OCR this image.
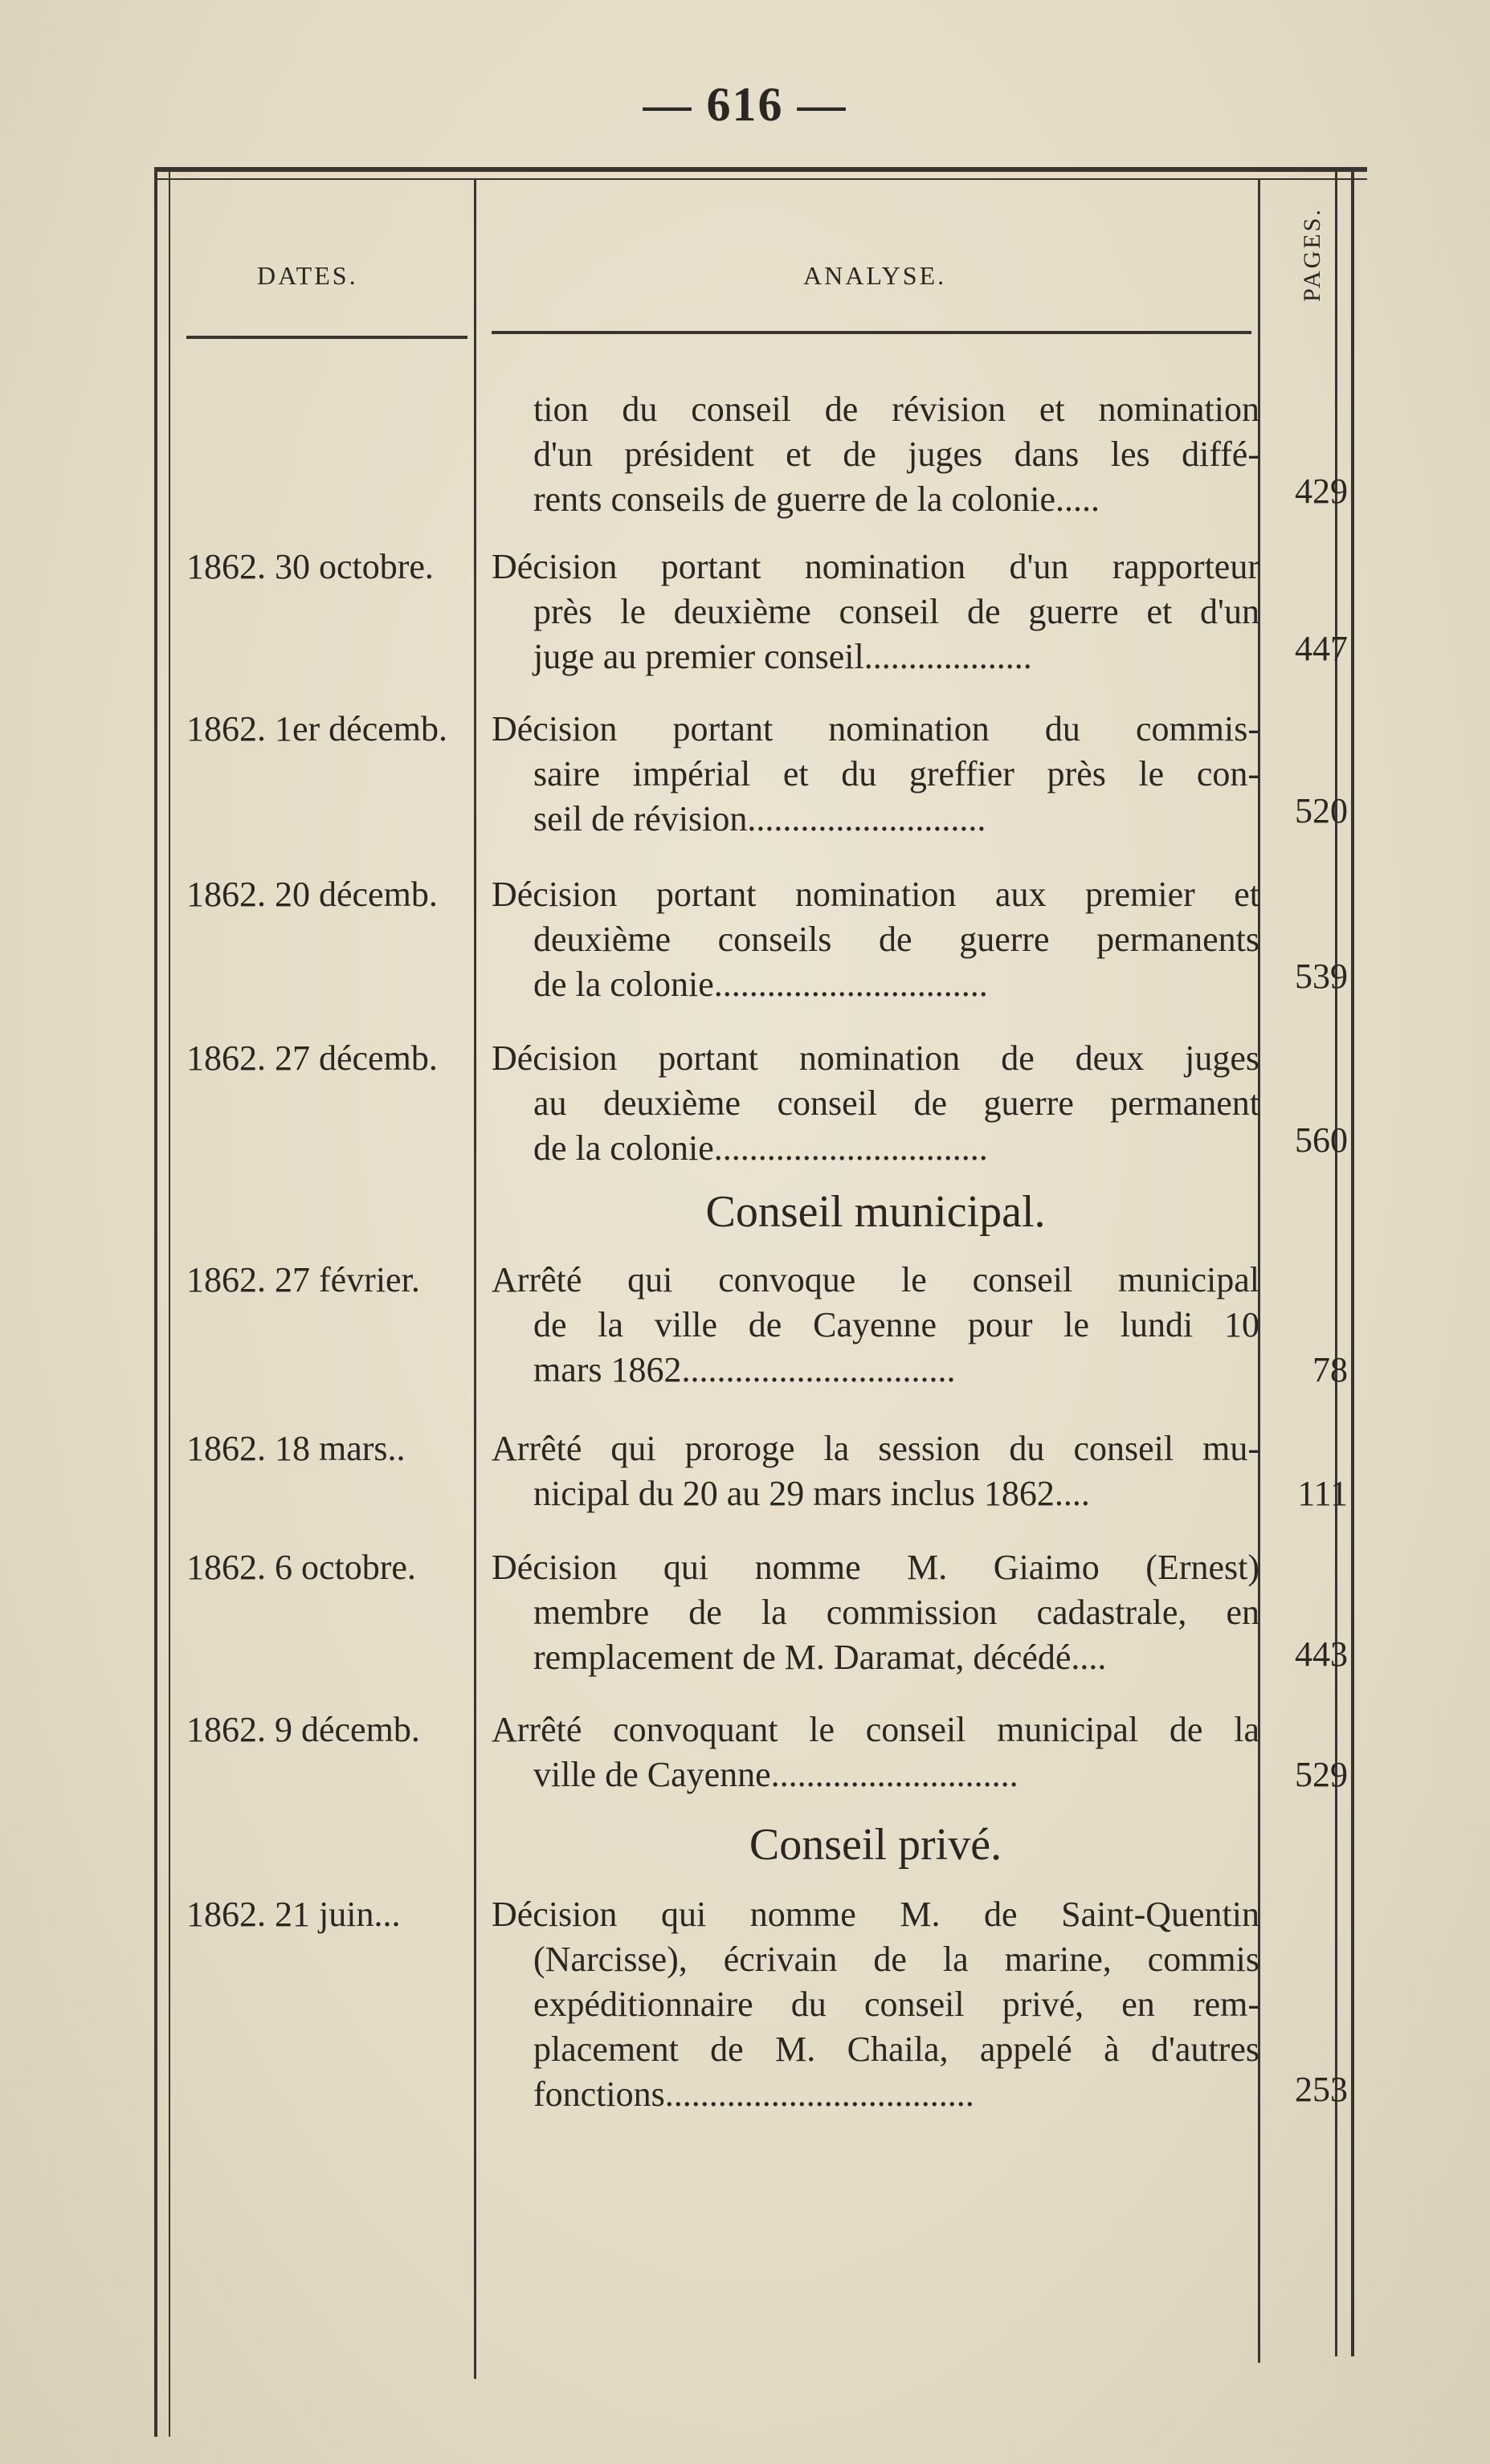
— 616 —
DATES.	ANALYSE.	PAGES.
tion du conseil de révision et nomination
d'un président et de juges dans les diffé-
rents conseils de guerre de la colonie.....	429
1862. 30 octobre.	Décision portant nomination d'un rapporteur
près le deuxième conseil de guerre et d'un
juge au premier conseil...................	447
1862. 1er décemb.	Décision portant nomination du commis-
saire impérial et du greffier près le con-
seil de révision...........................	520
1862. 20 décemb.	Décision portant nomination aux premier et
deuxième conseils de guerre permanents
de la colonie...............................	539
1862. 27 décemb.	Décision portant nomination de deux juges
au deuxième conseil de guerre permanent
de la colonie...............................	560
Conseil municipal.
1862. 27 février.	Arrêté qui convoque le conseil municipal
de la ville de Cayenne pour le lundi 10
mars 1862...............................	78
1862. 18 mars..	Arrêté qui proroge la session du conseil mu-
nicipal du 20 au 29 mars inclus 1862....	111
1862. 6 octobre.	Décision qui nomme M. Giaimo (Ernest)
membre de la commission cadastrale, en
remplacement de M. Daramat, décédé....	443
1862. 9 décemb.	Arrêté convoquant le conseil municipal de la
ville de Cayenne............................	529
Conseil privé.
1862. 21 juin...	Décision qui nomme M. de Saint-Quentin
(Narcisse), écrivain de la marine, commis
expéditionnaire du conseil privé, en rem-
placement de M. Chaila, appelé à d'autres
fonctions...................................	253
